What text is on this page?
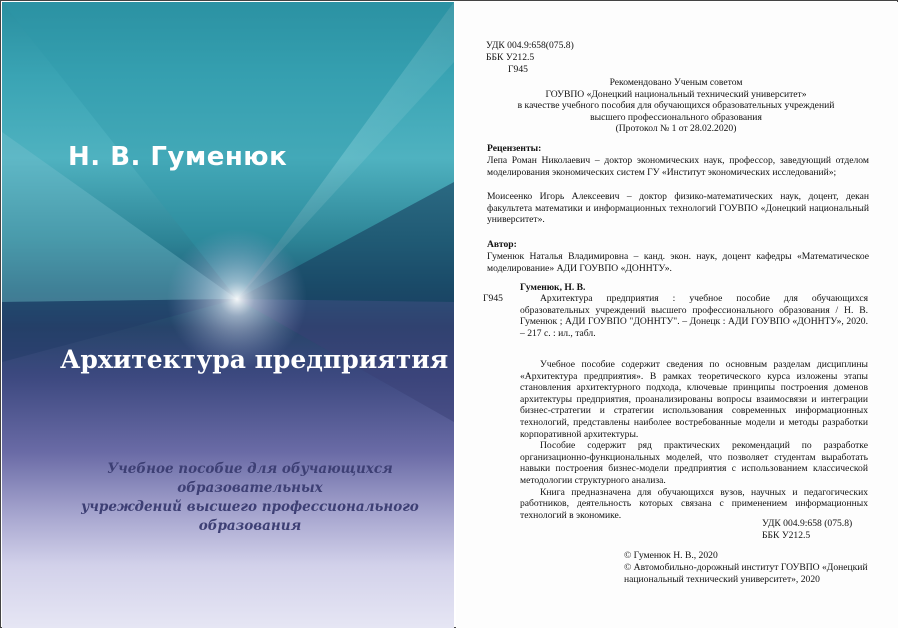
Н. В. Гуменюк
Архитектура предприятия
Учебное пособие для обучающихся образовательных
учреждений высшего профессионального образования
УДК 004.9:658(075.8)
ББК У212.5
Г945
Рекомендовано Ученым советом
ГОУВПО «Донецкий национальный технический университет»
в качестве учебного пособия для обучающихся образовательных учреждений
высшего профессионального образования
(Протокол № 1 от 28.02.2020)
Рецензенты:
Лепа Роман Николаевич – доктор экономических наук, профессор, заведующий отделом моделирования экономических систем ГУ «Институт экономических исследований»;
Моисеенко Игорь Алексеевич – доктор физико-математических наук, доцент, декан факультета математики и информационных технологий ГОУВПО «Донецкий национальный университет».
Автор:
Гуменюк Наталья Владимировна – канд. экон. наук, доцент кафедры «Математическое моделирование» АДИ ГОУВПО «ДОННТУ».
Гуменюк, Н. В.
Г945	Архитектура предприятия : учебное пособие для обучающихся образовательных учреждений высшего профессионального образования / Н. В. Гуменюк ; АДИ ГОУВПО "ДОННТУ". – Донецк : АДИ ГОУВПО «ДОННТУ», 2020. – 217 с. : ил., табл.

Учебное пособие содержит сведения по основным разделам дисциплины «Архитектура предприятия». В рамках теоретического курса изложены этапы становления архитектурного подхода, ключевые принципы построения доменов архитектуры предприятия, проанализированы вопросы взаимосвязи и интеграции бизнес-стратегии и стратегии использования современных информационных технологий, представлены наиболее востребованные модели и методы разработки корпоративной архитектуры.

Пособие содержит ряд практических рекомендаций по разработке организационно-функциональных моделей, что позволяет студентам выработать навыки построения бизнес-модели предприятия с использованием классической методологии структурного анализа.

Книга предназначена для обучающихся вузов, научных и педагогических работников, деятельность которых связана с применением информационных технологий в экономике.

УДК 004.9:658 (075.8)
ББК У212.5
© Гуменюк Н. В., 2020
© Автомобильно-дорожный институт ГОУВПО «Донецкий национальный технический университет», 2020
